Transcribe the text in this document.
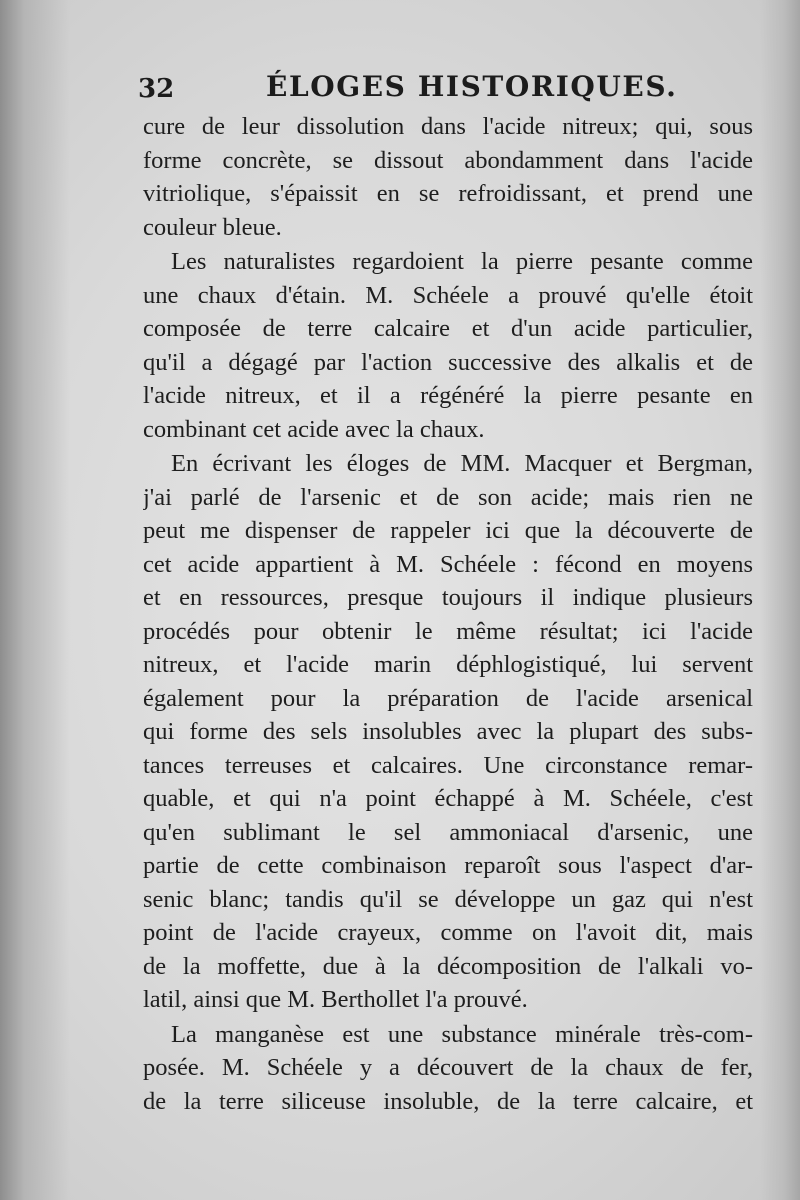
32	ÉLOGES HISTORIQUES.
cure de leur dissolution dans l'acide nitreux; qui, sous
forme concrète, se dissout abondamment dans l'acide
vitriolique, s'épaissit en se refroidissant, et prend une
couleur bleue.
Les naturalistes regardoient la pierre pesante comme
une chaux d'étain. M. Schéele a prouvé qu'elle étoit
composée de terre calcaire et d'un acide particulier,
qu'il a dégagé par l'action successive des alkalis et de
l'acide nitreux, et il a régénéré la pierre pesante en
combinant cet acide avec la chaux.
En écrivant les éloges de MM. Macquer et Bergman,
j'ai parlé de l'arsenic et de son acide; mais rien ne
peut me dispenser de rappeler ici que la découverte de
cet acide appartient à M. Schéele : fécond en moyens
et en ressources, presque toujours il indique plusieurs
procédés pour obtenir le même résultat; ici l'acide
nitreux, et l'acide marin déphlogistiqué, lui servent
également pour la préparation de l'acide arsenical
qui forme des sels insolubles avec la plupart des subs-
tances terreuses et calcaires. Une circonstance remar-
quable, et qui n'a point échappé à M. Schéele, c'est
qu'en sublimant le sel ammoniacal d'arsenic, une
partie de cette combinaison reparoît sous l'aspect d'ar-
senic blanc; tandis qu'il se développe un gaz qui n'est
point de l'acide crayeux, comme on l'avoit dit, mais
de la moffette, due à la décomposition de l'alkali vo-
latil, ainsi que M. Berthollet l'a prouvé.
La manganèse est une substance minérale très-com-
posée. M. Schéele y a découvert de la chaux de fer,
de la terre siliceuse insoluble, de la terre calcaire, et
